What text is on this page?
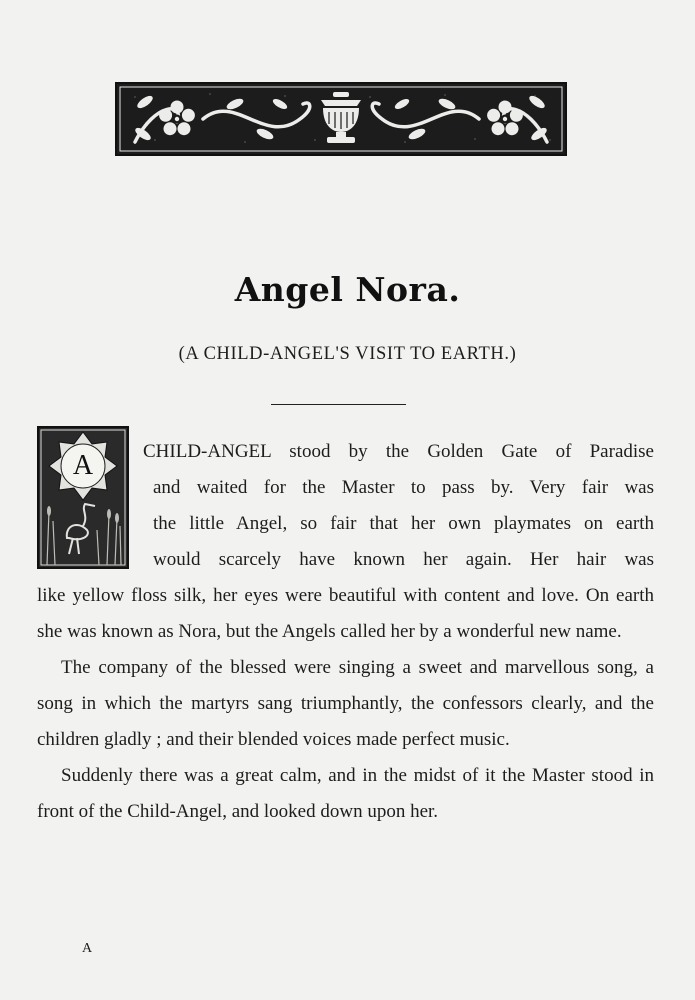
Angel Nora.
(A CHILD-ANGEL'S VISIT TO EARTH.)
A	CHILD-ANGEL stood by the Golden Gate of Paradise
and waited for the Master to pass by. Very fair was
the little Angel, so fair that her own playmates on earth
would scarcely have known her again. Her hair was

like yellow floss silk, her eyes were beautiful with content and love. On earth she was known as Nora, but the Angels called her by a wonderful new name.

The company of the blessed were singing a sweet and marvellous song, a song in which the martyrs sang triumphantly, the confessors clearly, and the children gladly ; and their blended voices made perfect music.

Suddenly there was a great calm, and in the midst of it the Master stood in front of the Child-Angel, and looked down upon her.

A
